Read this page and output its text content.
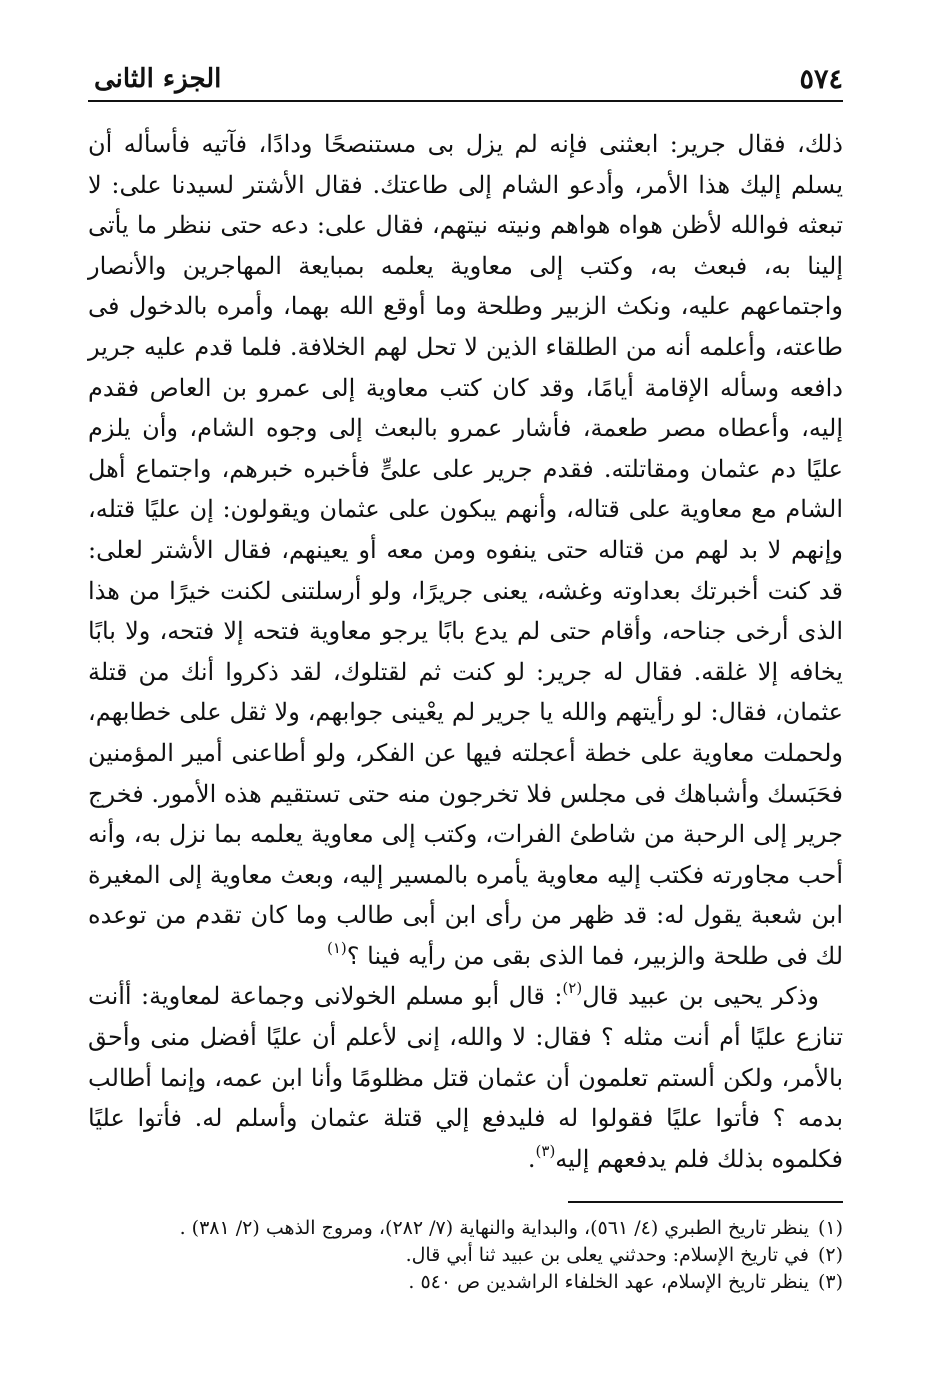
٥٧٤
الجزء الثانى

ذلك، فقال جرير: ابعثنى فإنه لم يزل بى مستنصحًا ودادًا، فآتيه فأسأله أن يسلم إليك هذا الأمر، وأدعو الشام إلى طاعتك. فقال الأشتر لسيدنا على: لا تبعثه فوالله لأظن هواه هواهم ونيته نيتهم، فقال على: دعه حتى ننظر ما يأتى إلينا به، فبعث به، وكتب إلى معاوية يعلمه بمبايعة المهاجرين والأنصار واجتماعهم عليه، ونكث الزبير وطلحة وما أوقع الله بهما، وأمره بالدخول فى طاعته، وأعلمه أنه من الطلقاء الذين لا تحل لهم الخلافة. فلما قدم عليه جرير دافعه وسأله الإقامة أيامًا، وقد كان كتب معاوية إلى عمرو بن العاص فقدم إليه، وأعطاه مصر طعمة، فأشار عمرو بالبعث إلى وجوه الشام، وأن يلزم عليًا دم عثمان ومقاتلته. فقدم جرير على علىٍّ فأخبره خبرهم، واجتماع أهل الشام مع معاوية على قتاله، وأنهم يبكون على عثمان ويقولون: إن عليًا قتله، وإنهم لا بد لهم من قتاله حتى ينفوه ومن معه أو يعينهم، فقال الأشتر لعلى: قد كنت أخبرتك بعداوته وغشه، يعنى جريرًا، ولو أرسلتنى لكنت خيرًا من هذا الذى أرخى جناحه، وأقام حتى لم يدع بابًا يرجو معاوية فتحه إلا فتحه، ولا بابًا يخافه إلا غلقه. فقال له جرير: لو كنت ثم لقتلوك، لقد ذكروا أنك من قتلة عثمان، فقال: لو رأيتهم والله يا جرير لم يعْينى جوابهم، ولا ثقل على خطابهم، ولحملت معاوية على خطة أعجلته فيها عن الفكر، ولو أطاعنى أمير المؤمنين فحَبَسك وأشباهك فى مجلس فلا تخرجون منه حتى تستقيم هذه الأمور. فخرج جرير إلى الرحبة من شاطئ الفرات، وكتب إلى معاوية يعلمه بما نزل به، وأنه أحب مجاورته فكتب إليه معاوية يأمره بالمسير إليه، وبعث معاوية إلى المغيرة ابن شعبة يقول له: قد ظهر من رأى ابن أبى طالب وما كان تقدم من توعده لك فى طلحة والزبير، فما الذى بقى من رأيه فينا ؟$^{(١)}$

وذكر يحيى بن عبيد قال$^{(٢)}$: قال أبو مسلم الخولانى وجماعة لمعاوية: أأنت تنازع عليًا أم أنت مثله ؟ فقال: لا والله، إنى لأعلم أن عليًا أفضل منى وأحق بالأمر، ولكن ألستم تعلمون أن عثمان قتل مظلومًا وأنا ابن عمه، وإنما أطالب بدمه ؟ فأتوا عليًا فقولوا له فليدفع إلي قتلة عثمان وأسلم له. فأتوا عليًا فكلموه بذلك فلم يدفعهم إليه$^{(٣)}$.

(١)ينظر تاريخ الطبري (٤/ ٥٦١)، والبداية والنهاية (٧/ ٢٨٢)، ومروج الذهب (٢/ ٣٨١) .

(٢)في تاريخ الإسلام: وحدثني يعلى بن عبيد ثنا أبي قال.

(٣)ينظر تاريخ الإسلام، عهد الخلفاء الراشدين ص ٥٤٠ .
